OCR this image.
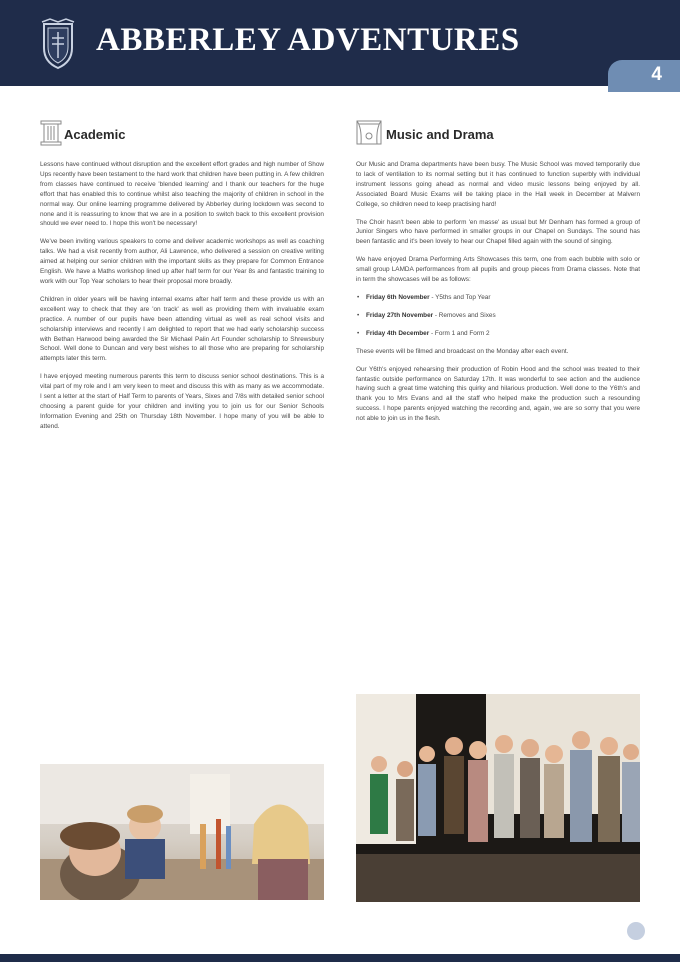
ABBERLEY ADVENTURES
4
Academic

Lessons have continued without disruption and the excellent effort grades and high number of Show Ups recently have been testament to the hard work that children have been putting in. A few children from classes have continued to receive 'blended learning' and I thank our teachers for the huge effort that has enabled this to continue whilst also teaching the majority of children in school in the normal way. Our online learning programme delivered by Abberley during lockdown was second to none and it is reassuring to know that we are in a position to switch back to this excellent provision should we ever need to. I hope this won't be necessary!

We've been inviting various speakers to come and deliver academic workshops as well as coaching talks. We had a visit recently from author, Ali Lawrence, who delivered a session on creative writing aimed at helping our senior children with the important skills as they prepare for Common Entrance English. We have a Maths workshop lined up after half term for our Year 8s and fantastic training to work with our Top Year scholars to hear their proposal more broadly.

Children in older years will be having internal exams after half term and these provide us with an excellent way to check that they are 'on track' as well as providing them with invaluable exam practice. A number of our pupils have been attending virtual as well as real school visits and scholarship interviews and recently I am delighted to report that we had early scholarship success with Bethan Harwood being awarded the Sir Michael Palin Art Founder scholarship to Shrewsbury School. Well done to Duncan and very best wishes to all those who are preparing for scholarship attempts later this term.

I have enjoyed meeting numerous parents this term to discuss senior school destinations. This is a vital part of my role and I am very keen to meet and discuss this with as many as we accommodate. I sent a letter at the start of Half Term to parents of Years, Sixes and 7/8s with detailed senior school choosing a parent guide for your children and inviting you to join us for our Senior Schools Information Evening and 25th on Thursday 18th November. I hope many of you will be able to attend.

Music and Drama

Our Music and Drama departments have been busy. The Music School was moved temporarily due to lack of ventilation to its normal setting but it has continued to function superbly with individual instrument lessons going ahead as normal and video music lessons being enjoyed by all. Associated Board Music Exams will be taking place in the Hall week in December at Malvern College, so children need to keep practising hard!

The Choir hasn't been able to perform 'en masse' as usual but Mr Denham has formed a group of Junior Singers who have performed in smaller groups in our Chapel on Sundays. The sound has been fantastic and it's been lovely to hear our Chapel filled again with the sound of singing.

We have enjoyed Drama Performing Arts Showcases this term, one from each bubble with solo or small group LAMDA performances from all pupils and group pieces from Drama classes. Note that in term the showcases will be as follows:

• Friday 6th November - Y5ths and Top Year
• Friday 27th November - Removes and Sixes
• Friday 4th December - Form 1 and Form 2

These events will be filmed and broadcast on the Monday after each event.

Our Y6th's enjoyed rehearsing their production of Robin Hood and the school was treated to their fantastic outside performance on Saturday 17th. It was wonderful to see action and the audience having such a great time watching this quirky and hilarious production. Well done to the Y6th's and thank you to Mrs Evans and all the staff who helped make the production such a resounding success. I hope parents enjoyed watching the recording and, again, we are so sorry that you were not able to join us in the flesh.
